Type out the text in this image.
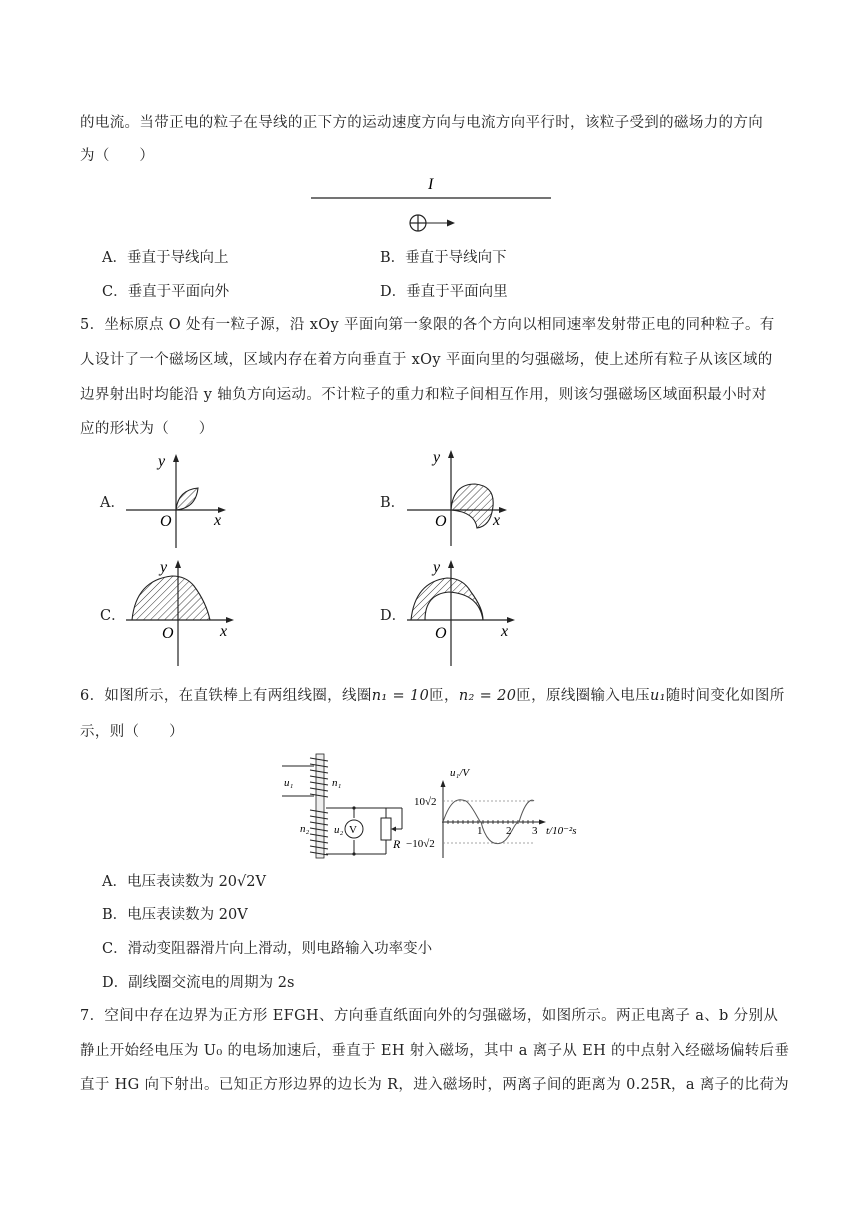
的电流。当带正电的粒子在导线的正下方的运动速度方向与电流方向平行时，该粒子受到的磁场力的方向
为（　　）
I
A．垂直于导线向上	B．垂直于导线向下
C．垂直于平面向外	D．垂直于平面向里
5．坐标原点 O 处有一粒子源，沿 xOy 平面向第一象限的各个方向以相同速率发射带正电的同种粒子。有
人设计了一个磁场区域，区域内存在着方向垂直于 xOy 平面向里的匀强磁场，使上述所有粒子从该区域的
边界射出时均能沿 y 轴负方向运动。不计粒子的重力和粒子间相互作用，则该匀强磁场区域面积最小时对
应的形状为（　　）
A．
y
O	x
B．
y
O	x
C．
y
O	x
D．
y
O	x
6．如图所示，在直铁棒上有两组线圈，线圈n₁ = 10匝，n₂ = 20匝，原线圈输入电压u₁随时间变化如图所
示，则（　　）
u₁	n₁
n₂	V
u₂
R
u₁/V
10√2
−10√2
1 2 3 t/10⁻²s
A．电压表读数为 20√2V
B．电压表读数为 20V
C．滑动变阻器滑片向上滑动，则电路输入功率变小
D．副线圈交流电的周期为 2s
7．空间中存在边界为正方形 EFGH、方向垂直纸面向外的匀强磁场，如图所示。两正电离子 a、b 分别从
静止开始经电压为 U₀ 的电场加速后，垂直于 EH 射入磁场，其中 a 离子从 EH 的中点射入经磁场偏转后垂
直于 HG 向下射出。已知正方形边界的边长为 R，进入磁场时，两离子间的距离为 0.25R，a 离子的比荷为
